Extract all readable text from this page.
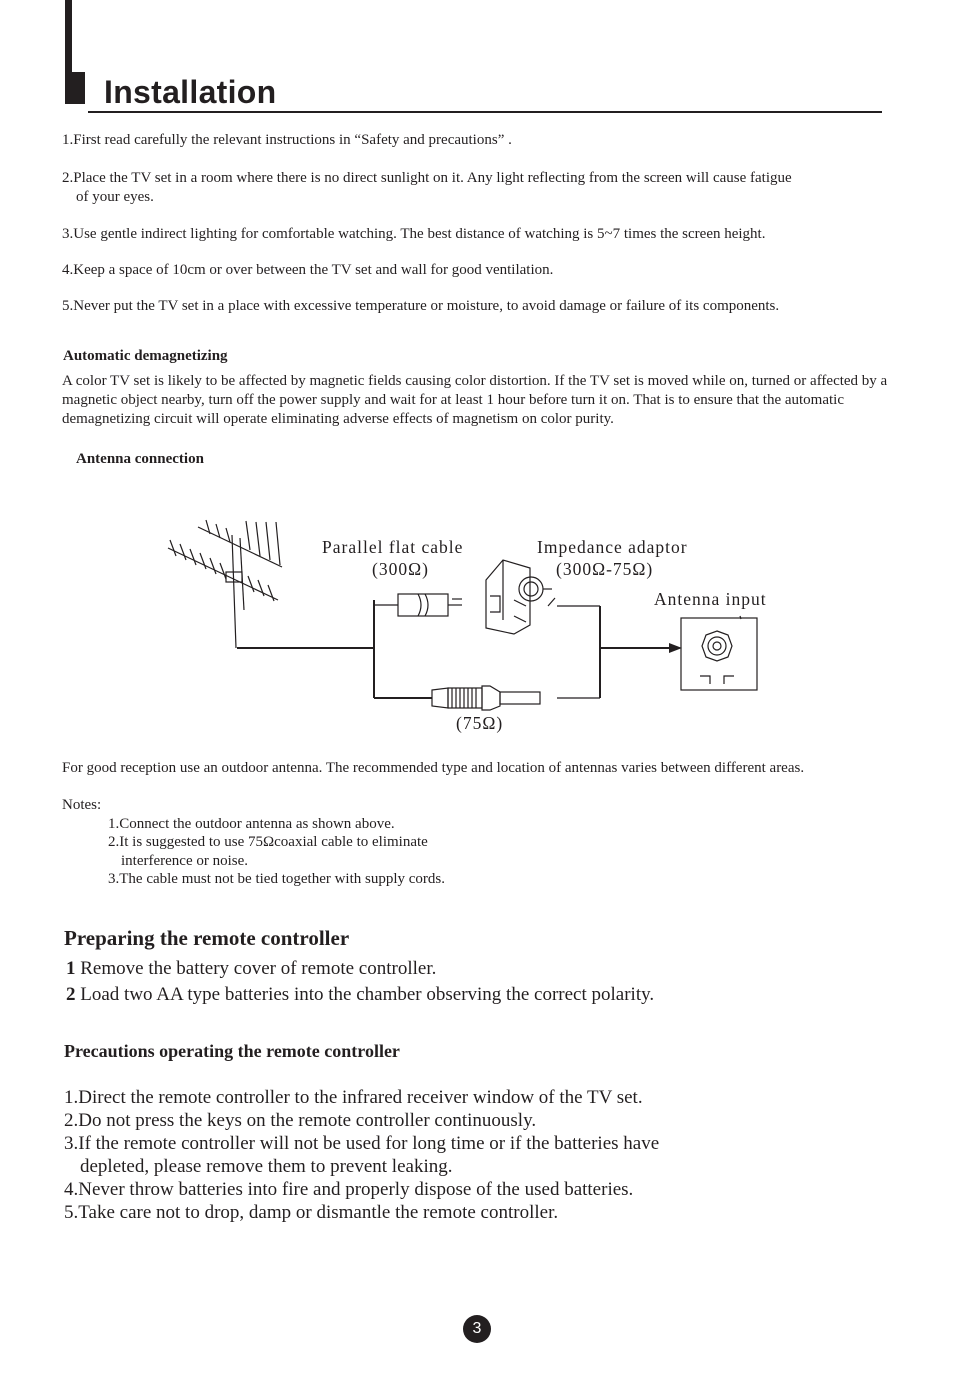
Installation

1.First read carefully the relevant instructions in “Safety and precautions” .

2.Place the TV set in a room where there is no direct sunlight on it. Any light reflecting from the screen will cause fatigue

of your eyes.

3.Use gentle indirect lighting for comfortable watching. The best distance of watching is 5~7 times the screen height.

4.Keep a space of 10cm or over between the TV set and wall for good ventilation.

5.Never put the TV set in a place with excessive temperature or moisture, to avoid damage or failure of its components.

Automatic demagnetizing

A color TV set is likely to be affected by magnetic fields causing color distortion. If the TV set is moved while on, turned or affected by a magnetic object nearby, turn off the power supply and wait for at least 1 hour before turn it on. That is to ensure that the automatic demagnetizing circuit will operate eliminating adverse effects of magnetism on color purity.

Antenna connection
Parallel flat cable
(300Ω)
Impedance adaptor
(300Ω-75Ω)
Antenna input
(75Ω)

For good reception use an outdoor antenna. The recommended type and location of antennas varies between different areas.

Notes:
1.Connect the outdoor antenna as shown above.
2.It is suggested to use 75Ωcoaxial cable to eliminate
interference or noise.
3.The cable must not be tied together with supply cords.
Preparing the remote controller
1 Remove the battery cover of remote controller.
2 Load two AA type batteries into the chamber observing the correct polarity.
Precautions operating the remote controller
1.Direct the remote controller to the infrared receiver window of the TV set.
2.Do not press the keys on the remote controller continuously.
3.If the remote controller will not be used for long time or if the batteries have
depleted, please remove them to prevent leaking.
4.Never throw batteries into fire and properly dispose of the used batteries.
5.Take care not to drop, damp or dismantle the remote controller.
3
